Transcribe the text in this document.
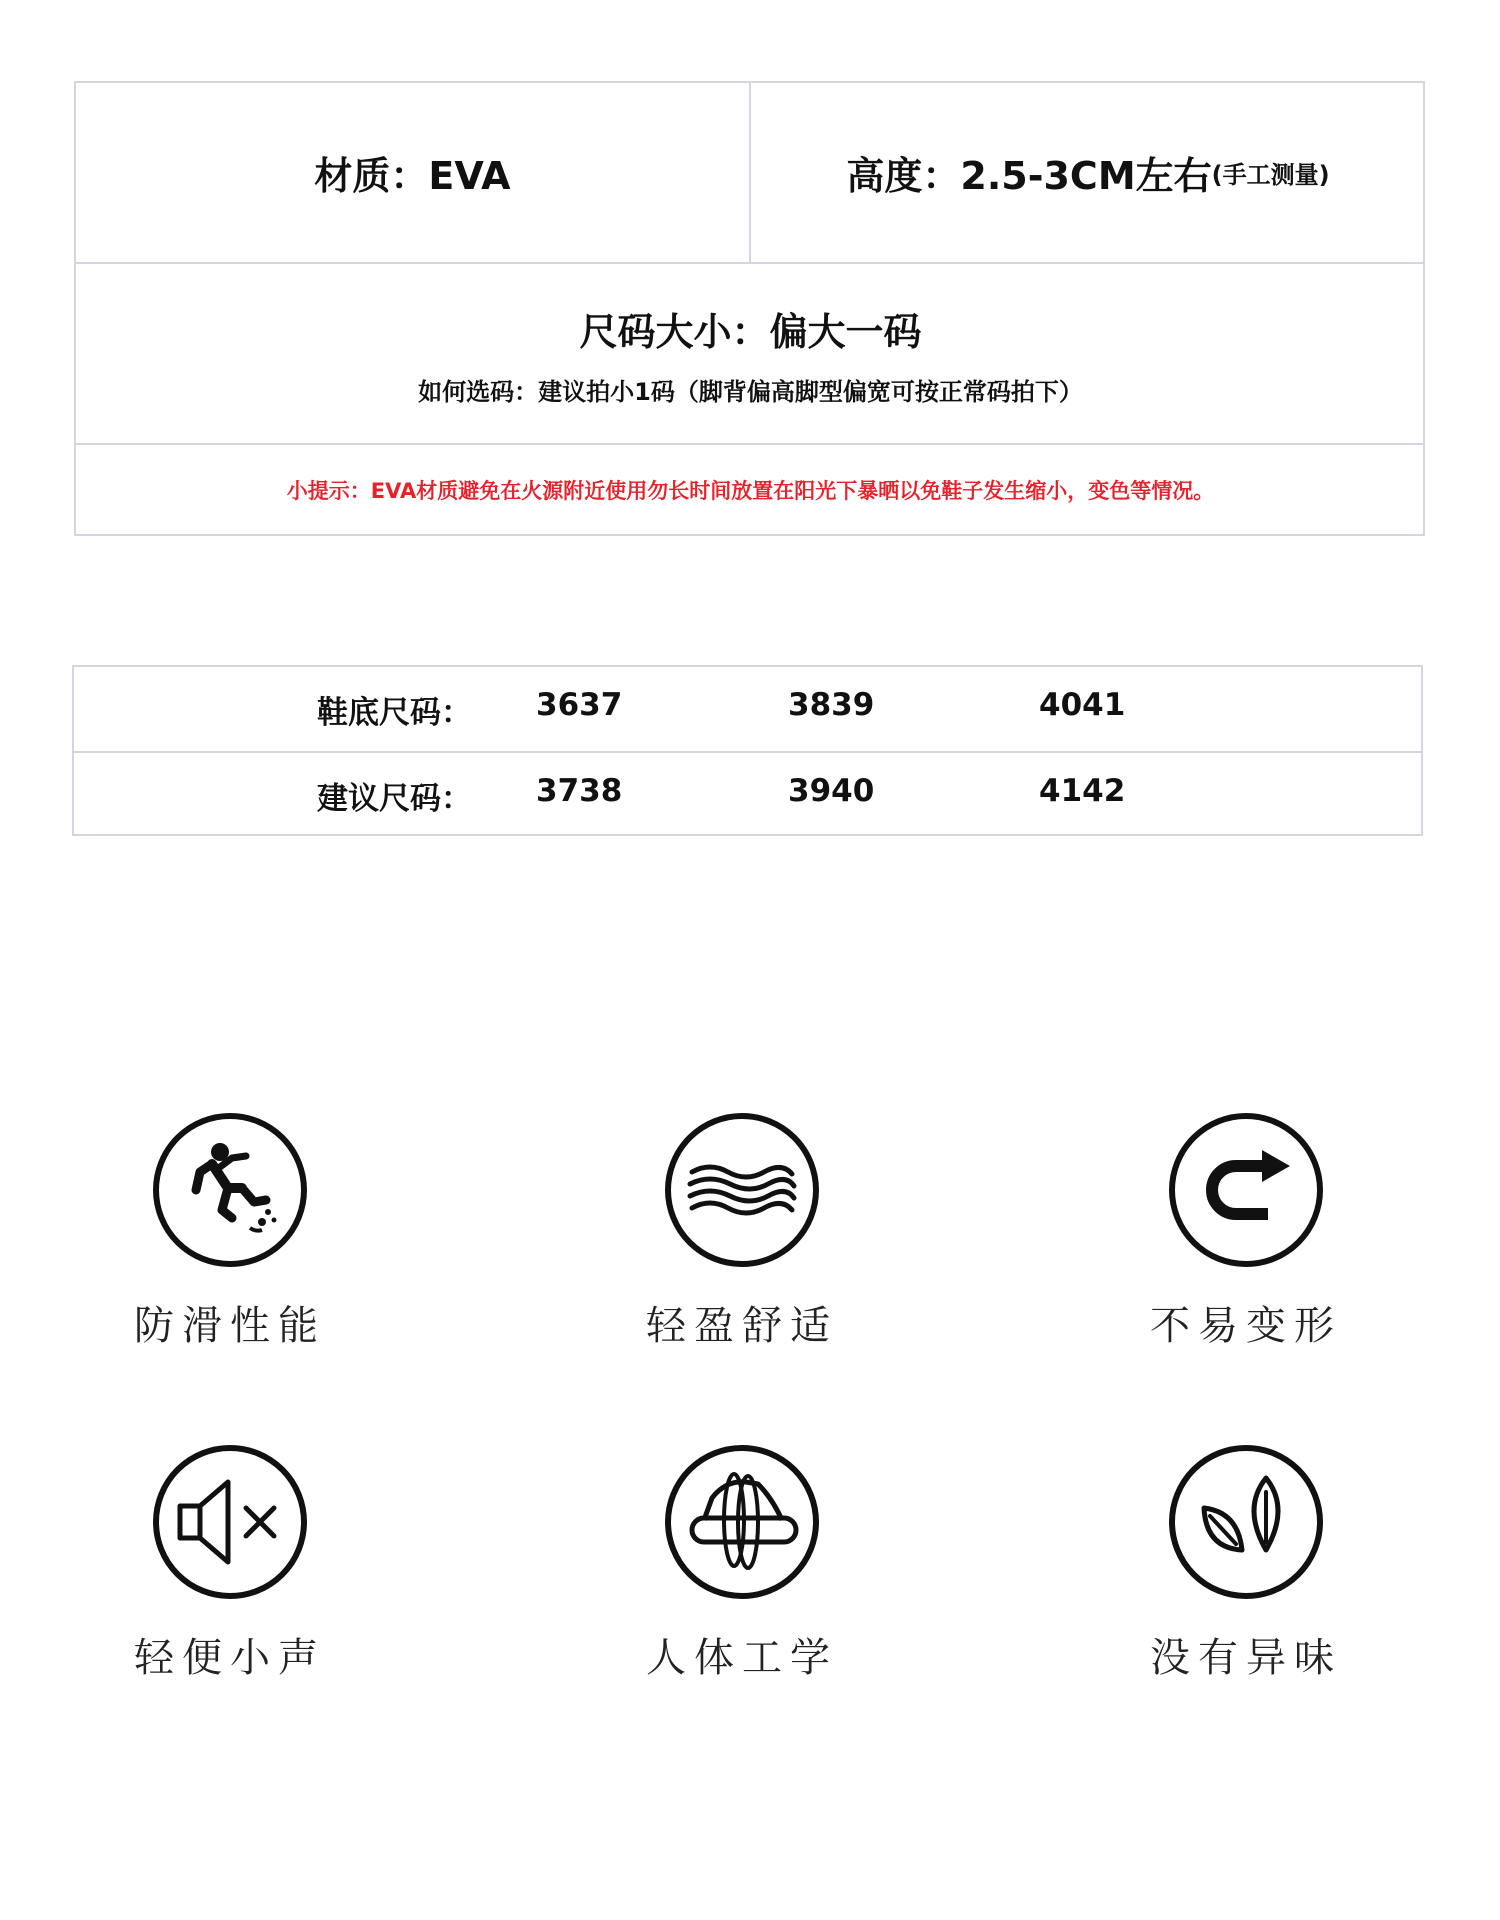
材质：EVA	高度：2.5-3CM左右 (手工测量)
尺码大小：偏大一码
如何选码：建议拍小1码（脚背偏高脚型偏宽可按正常码拍下）
小提示：EVA材质避免在火源附近使用勿长时间放置在阳光下暴晒以免鞋子发生缩小，变色等情况。
鞋底尺码： 3637	3839	4041
建议尺码： 3738	3940	4142
防滑性能	轻盈舒适	不易变形
轻便小声	人体工学	没有异味
